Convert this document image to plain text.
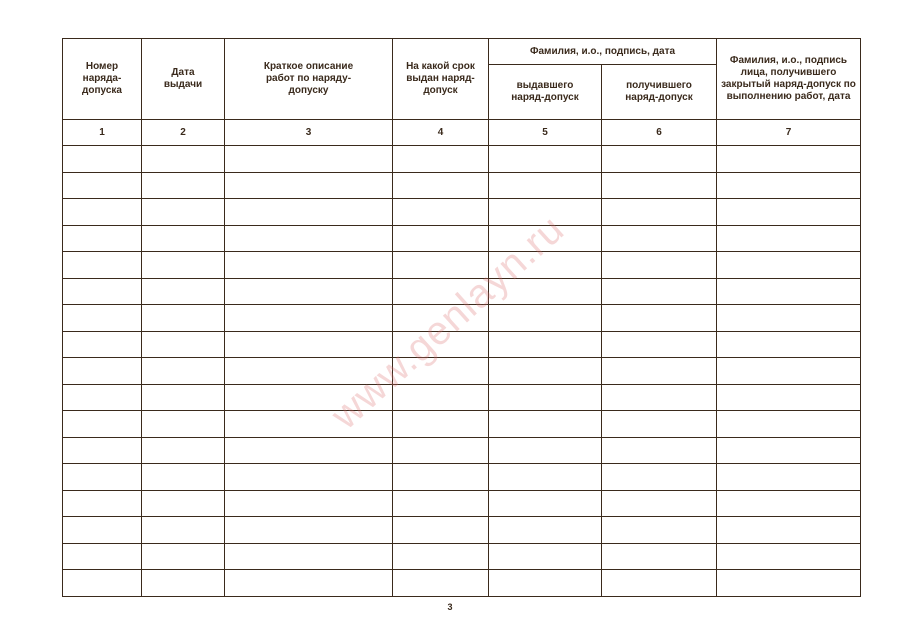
Номер наряда-допуска	Дата выдачи	Краткое описание работ по наряду-допуску	На какой срок выдан наряд-допуск	Фамилия, и.о., подпись, дата		Фамилия, и.о., подпись лица, получившего закрытый наряд-допуск по выполнению работ, дата
				выдавшего наряд-допуск	получившего наряд-допуск	
1	2	3	4	5	6	7

3
www.genlayn.ru
